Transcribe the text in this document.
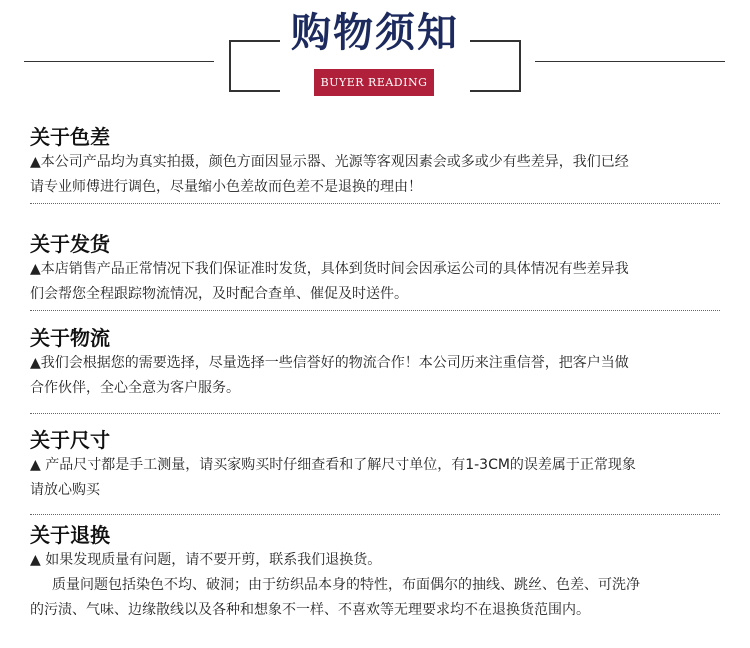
购物须知
BUYER READING

关于色差

▲本公司产品均为真实拍摄，颜色方面因显示器、光源等客观因素会或多或少有些差异，我们已经

请专业师傅进行调色，尽量缩小色差故而色差不是退换的理由！

关于发货

▲本店销售产品正常情况下我们保证准时发货，具体到货时间会因承运公司的具体情况有些差异我

们会帮您全程跟踪物流情况，及时配合查单、催促及时送件。

关于物流

▲我们会根据您的需要选择，尽量选择一些信誉好的物流合作！本公司历来注重信誉，把客户当做

合作伙伴，全心全意为客户服务。

关于尺寸

▲ 产品尺寸都是手工测量，请买家购买时仔细查看和了解尺寸单位，有1-3CM的误差属于正常现象

请放心购买

关于退换

▲ 如果发现质量有问题，请不要开剪，联系我们退换货。

质量问题包括染色不均、破洞；由于纺织品本身的特性，布面偶尔的抽线、跳丝、色差、可洗净

的污渍、气味、边缘散线以及各种和想象不一样、不喜欢等无理要求均不在退换货范围内。
